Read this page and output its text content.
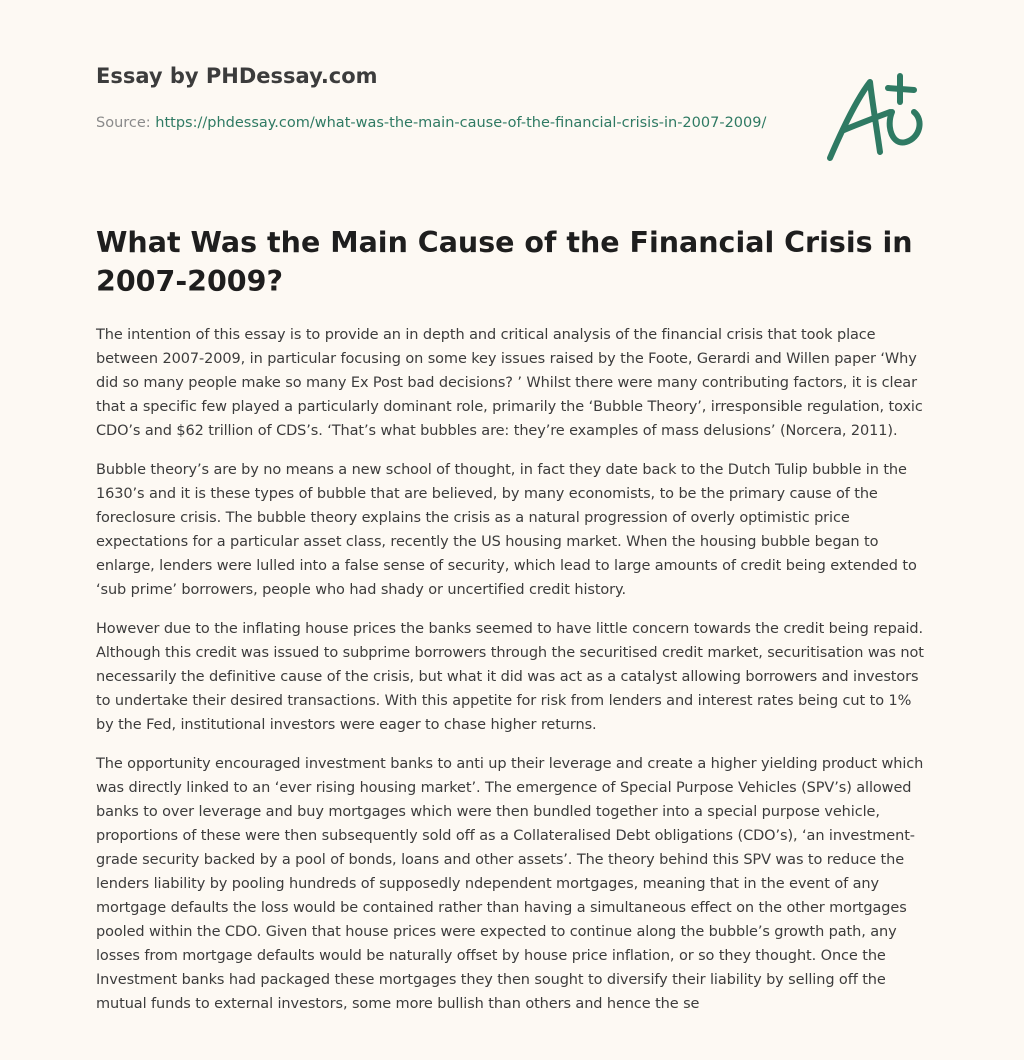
Essay by PHDessay.com

Source: https://phdessay.com/what-was-the-main-cause-of-the-financial-crisis-in-2007-2009/

What Was the Main Cause of the Financial Crisis in 2007-2009?

The intention of this essay is to provide an in depth and critical analysis of the financial crisis that took place between 2007-2009, in particular focusing on some key issues raised by the Foote, Gerardi and Willen paper ‘Why did so many people make so many Ex Post bad decisions? ’ Whilst there were many contributing factors, it is clear that a specific few played a particularly dominant role, primarily the ‘Bubble Theory’, irresponsible regulation, toxic CDO’s and $62 trillion of CDS’s. ‘That’s what bubbles are: they’re examples of mass delusions’ (Norcera, 2011).

Bubble theory’s are by no means a new school of thought, in fact they date back to the Dutch Tulip bubble in the 1630’s and it is these types of bubble that are believed, by many economists, to be the primary cause of the foreclosure crisis. The bubble theory explains the crisis as a natural progression of overly optimistic price expectations for a particular asset class, recently the US housing market. When the housing bubble began to enlarge, lenders were lulled into a false sense of security, which lead to large amounts of credit being extended to ‘sub prime’ borrowers, people who had shady or uncertified credit history.

However due to the inflating house prices the banks seemed to have little concern towards the credit being repaid. Although this credit was issued to subprime borrowers through the securitised credit market, securitisation was not necessarily the definitive cause of the crisis, but what it did was act as a catalyst allowing borrowers and investors to undertake their desired transactions. With this appetite for risk from lenders and interest rates being cut to 1% by the Fed, institutional investors were eager to chase higher returns.

The opportunity encouraged investment banks to anti up their leverage and create a higher yielding product which was directly linked to an ‘ever rising housing market’. The emergence of Special Purpose Vehicles (SPV’s) allowed banks to over leverage and buy mortgages which were then bundled together into a special purpose vehicle, proportions of these were then subsequently sold off as a Collateralised Debt obligations (CDO’s), ‘an investment-grade security backed by a pool of bonds, loans and other assets’. The theory behind this SPV was to reduce the lenders liability by pooling hundreds of supposedly ndependent mortgages, meaning that in the event of any mortgage defaults the loss would be contained rather than having a simultaneous effect on the other mortgages pooled within the CDO. Given that house prices were expected to continue along the bubble’s growth path, any losses from mortgage defaults would be naturally offset by house price inflation, or so they thought. Once the Investment banks had packaged these mortgages they then sought to diversify their liability by selling off the mutual funds to external investors, some more bullish than others and hence the se
